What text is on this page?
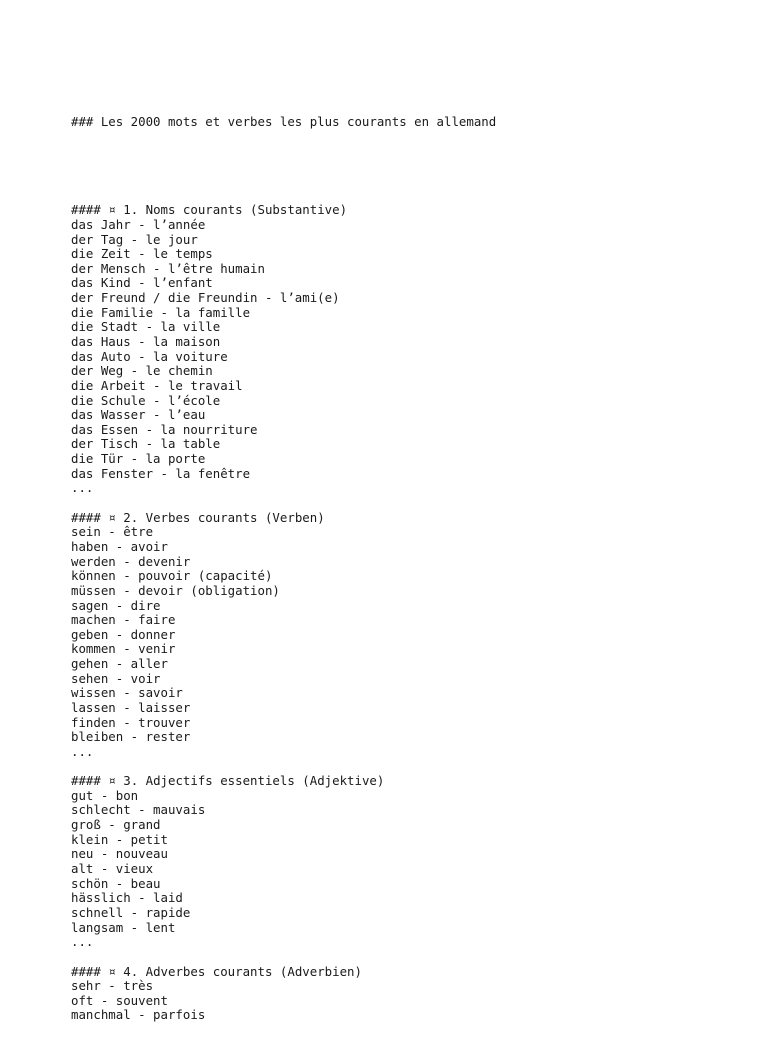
### Les 2000 mots et verbes les plus courants en allemand

#### ¤ 1. Noms courants (Substantive)
das Jahr - l’année
der Tag - le jour
die Zeit - le temps
der Mensch - l’être humain
das Kind - l’enfant
der Freund / die Freundin - l’ami(e)
die Familie - la famille
die Stadt - la ville
das Haus - la maison
das Auto - la voiture
der Weg - le chemin
die Arbeit - le travail
die Schule - l’école
das Wasser - l’eau
das Essen - la nourriture
der Tisch - la table
die Tür - la porte
das Fenster - la fenêtre
...
#### ¤ 2. Verbes courants (Verben)
sein - être
haben - avoir
werden - devenir
können - pouvoir (capacité)
müssen - devoir (obligation)
sagen - dire
machen - faire
geben - donner
kommen - venir
gehen - aller
sehen - voir
wissen - savoir
lassen - laisser
finden - trouver
bleiben - rester
...
#### ¤ 3. Adjectifs essentiels (Adjektive)
gut - bon
schlecht - mauvais
groß - grand
klein - petit
neu - nouveau
alt - vieux
schön - beau
hässlich - laid
schnell - rapide
langsam - lent
...
#### ¤ 4. Adverbes courants (Adverbien)
sehr - très
oft - souvent
manchmal - parfois
